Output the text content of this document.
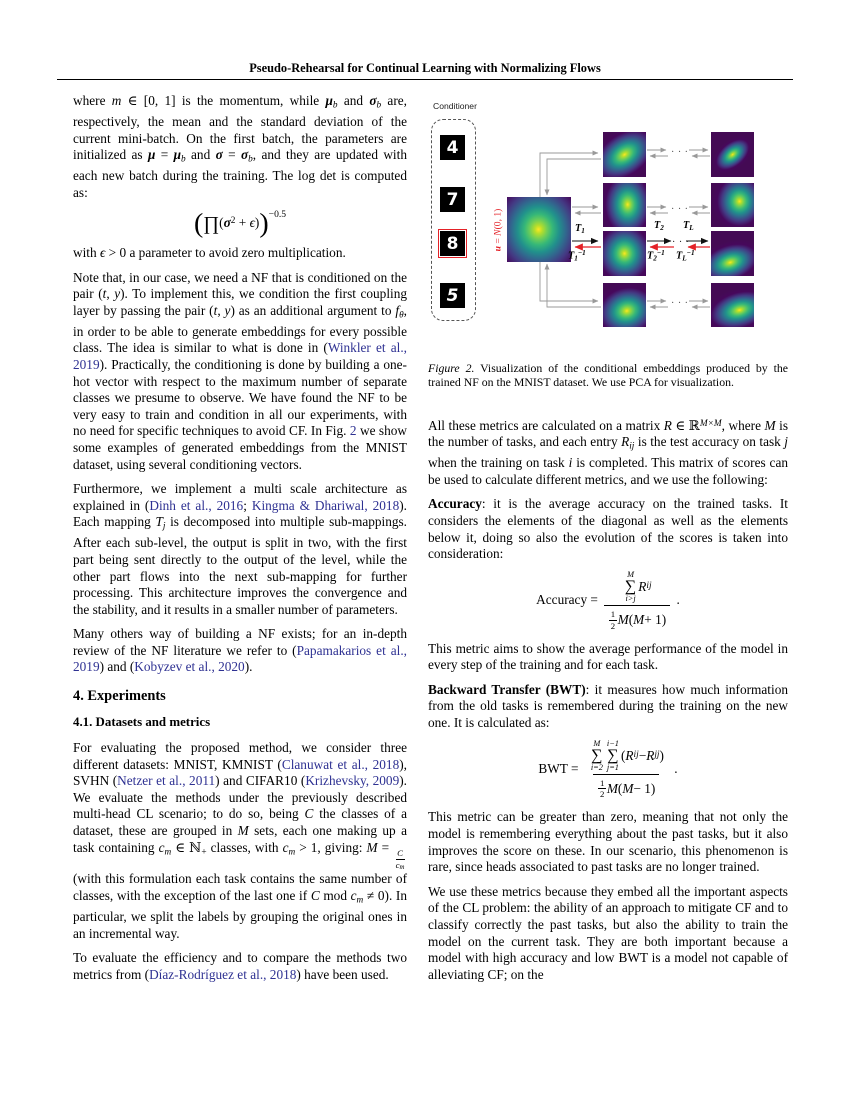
Pseudo-Rehearsal for Continual Learning with Normalizing Flows
where m ∈ [0, 1] is the momentum, while μb and σb are, respectively, the mean and the standard deviation of the current mini-batch. On the first batch, the parameters are initialized as μ = μb and σ = σb, and they are updated with each new batch during the training. The log det is computed as:
$(\prod(\sigma^2 + \epsilon))^{-0.5}$
with ϵ > 0 a parameter to avoid zero multiplication.
Note that, in our case, we need a NF that is conditioned on the pair (t, y). To implement this, we condition the first coupling layer by passing the pair (t, y) as an additional argument to fθ, in order to be able to generate embeddings for every possible class. The idea is similar to what is done in (Winkler et al., 2019). Practically, the conditioning is done by building a one-hot vector with respect to the maximum number of separate classes we presume to observe. We have found the NF to be very easy to train and condition in all our experiments, with no need for specific techniques to avoid CF. In Fig. 2 we show some examples of generated embeddings from the MNIST dataset, using several conditioning vectors.
Furthermore, we implement a multi scale architecture as explained in (Dinh et al., 2016; Kingma & Dhariwal, 2018). Each mapping Tj is decomposed into multiple sub-mappings. After each sub-level, the output is split in two, with the first part being sent directly to the output of the level, while the other part flows into the next sub-mapping for further processing. This architecture improves the convergence and the stability, and it results in a smaller number of parameters.
Many others way of building a NF exists; for an in-depth review of the NF literature we refer to (Papamakarios et al., 2019) and (Kobyzev et al., 2020).
4. Experiments
4.1. Datasets and metrics
For evaluating the proposed method, we consider three different datasets: MNIST, KMNIST (Clanuwat et al., 2018), SVHN (Netzer et al., 2011) and CIFAR10 (Krizhevsky, 2009). We evaluate the methods under the previously described multi-head CL scenario; to do so, being C the classes of a dataset, these are grouped in M sets, each one making up a task containing cm ∈ ℕ+ classes, with cm > 1, giving: M =
$\frac{C}{cm}$
(with this formulation each task contains the same number of classes, with the exception of the last one if C mod cm ≠ 0). In particular, we split the labels by grouping the original ones in an incremental way.
To evaluate the efficiency and to compare the methods two metrics from (Díaz-Rodríguez et al., 2018) have been used.
Conditioner
4
7
8
5
u = N(0, 1)	T1
$T1^{-1}$
T2
$T2^{-1}$
TL
$TL^{-1}$
· · ·
· · ·
· · ·
· · ·
Figure 2. Visualization of the conditional embeddings produced by the trained NF on the MNIST dataset. We use PCA for visualization.
All these metrics are calculated on a matrix R ∈ ℝ$^{M\times M}$, where M is the number of tasks, and each entry Rij is the test accuracy on task j when the training on task i is completed. This matrix of scores can be used to calculate different metrics, and we use the following:
Accuracy: it is the average accuracy on the trained tasks. It considers the elements of the diagonal as well as the elements below it, doing so also the evolution of the scores is taken into consideration:
Accuracy = M
∑
i>j
R ij
1
2 M ( M + 1) .
This metric aims to show the average performance of the model in every step of the training and for each task.
Backward Transfer (BWT): it measures how much information from the old tasks is remembered during the training on the new one. It is calculated as:
BWT = M
∑
i=2
i−1
∑
j=1
( R ij − R jj )
1
2 M ( M − 1) .
This metric can be greater than zero, meaning that not only the model is remembering everything about the past tasks, but it also improves the score on these. In our scenario, this phenomenon is rare, since heads associated to past tasks are no longer trained.
We use these metrics because they embed all the important aspects of the CL problem: the ability of an approach to mitigate CF and to classify correctly the past tasks, but also the ability to train the model on the current task. They are both important because a model with high accuracy and low BWT is a model not capable of alleviating CF; on the
